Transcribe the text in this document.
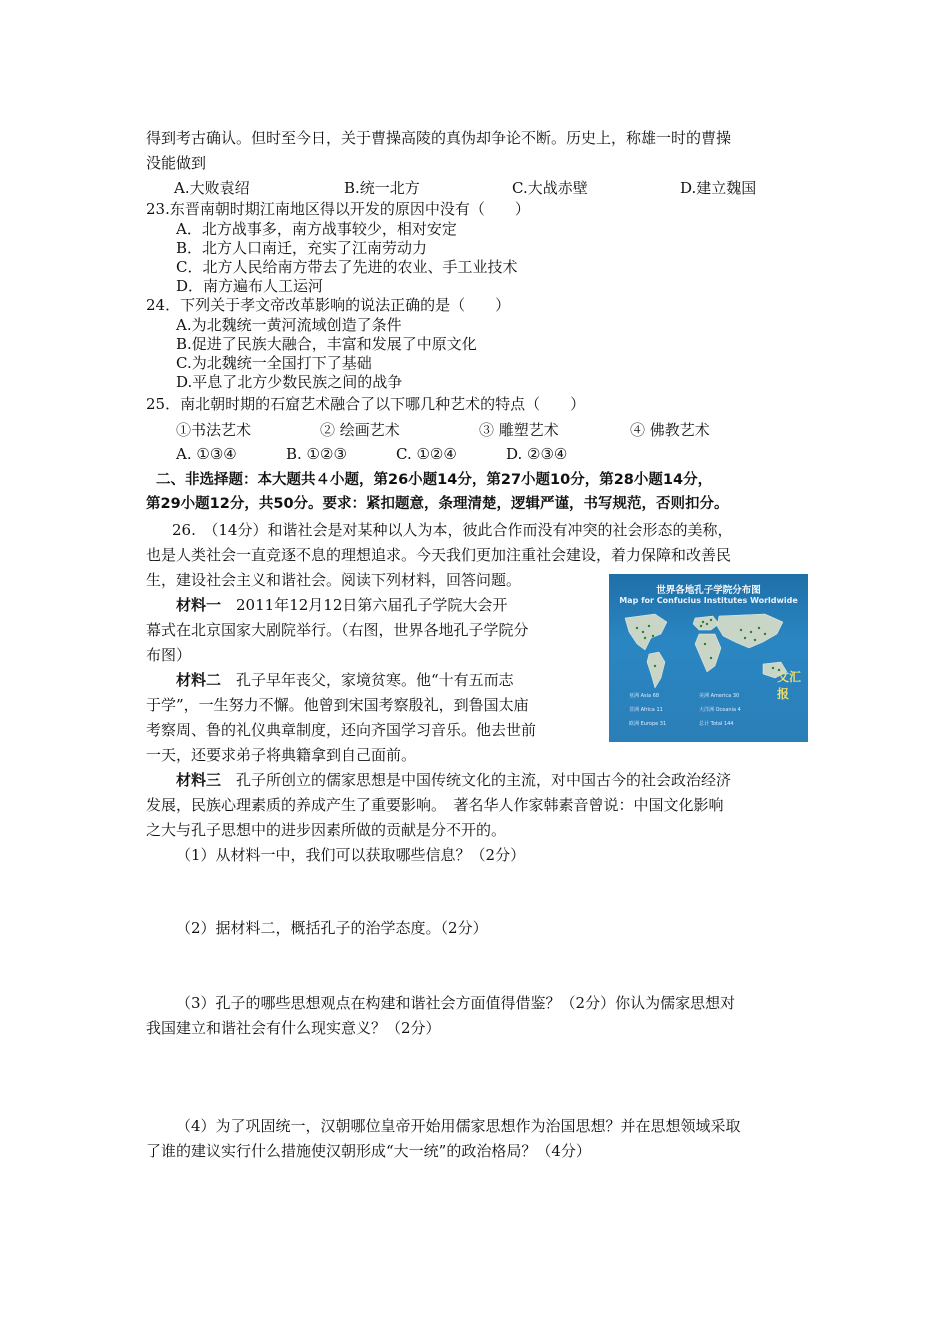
得到考古确认。但时至今日，关于曹操高陵的真伪却争论不断。历史上，称雄一时的曹操
没能做到
A.大败袁绍	B.统一北方	C.大战赤壁	D.建立魏国
23.东晋南朝时期江南地区得以开发的原因中没有（　　）
A．北方战事多，南方战事较少，相对安定
B．北方人口南迁，充实了江南劳动力
C．北方人民给南方带去了先进的农业、手工业技术
D．南方遍布人工运河
24．下列关于孝文帝改革影响的说法正确的是（　　）
A.为北魏统一黄河流域创造了条件
B.促进了民族大融合，丰富和发展了中原文化
C.为北魏统一全国打下了基础
D.平息了北方少数民族之间的战争
25．南北朝时期的石窟艺术融合了以下哪几种艺术的特点（　　）
①书法艺术	② 绘画艺术	③ 雕塑艺术	④ 佛教艺术
A. ①③④	B. ①②③	C. ①②④	D. ②③④
二、非选择题：本大题共４小题，第26小题14分，第27小题10分，第28小题14分，
第29小题12分，共50分。要求：紧扣题意，条理清楚，逻辑严谨，书写规范，否则扣分。
26.　（14分）和谐社会是对某种以人为本，彼此合作而没有冲突的社会形态的美称，
也是人类社会一直竞逐不息的理想追求。今天我们更加注重社会建设，着力保障和改善民
生，建设社会主义和谐社会。阅读下列材料，回答问题。
材料一　2011年12月12日第六届孔子学院大会开
幕式在北京国家大剧院举行。（右图，世界各地孔子学院分
布图）
材料二　孔子早年丧父，家境贫寒。他“十有五而志
于学”，一生努力不懈。他曾到宋国考察殷礼，到鲁国太庙
考察周、鲁的礼仪典章制度，还向齐国学习音乐。他去世前
一天，还要求弟子将典籍拿到自己面前。
材料三　孔子所创立的儒家思想是中国传统文化的主流，对中国古今的社会政治经济
发展，民族心理素质的养成产生了重要影响。　著名华人作家韩素音曾说：中国文化影响
之大与孔子思想中的进步因素所做的贡献是分不开的。
（1）从材料一中，我们可以获取哪些信息？（2分）
（2）据材料二，概括孔子的治学态度。（2分）
（3）孔子的哪些思想观点在构建和谐社会方面值得借鉴？（2分）你认为儒家思想对
我国建立和谐社会有什么现实意义？（2分）
（4）为了巩固统一，汉朝哪位皇帝开始用儒家思想作为治国思想？并在思想领域采取
了谁的建议实行什么措施使汉朝形成“大一统”的政治格局？（4分）
世界各地孔子学院分布图
Map for Confucius Institutes Worldwide
文汇报
亚洲 Asia 68	美洲 America 30
非洲 Africa 11	大洋洲 Oceania 4
欧洲 Europe 31	总计 Total 144
